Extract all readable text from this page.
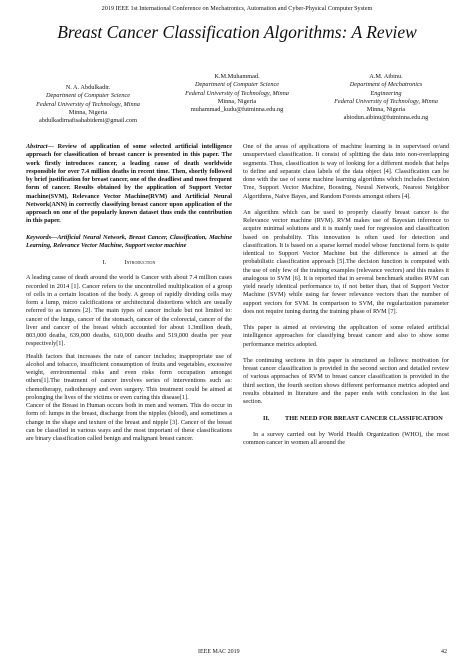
2019 IEEE 1st International Conference on Mechatronics, Automation and Cyber-Physical Computer System
Breast Cancer Classification Algorithms: A Review
N. A. Abdulkadir.
Department of Computer Science
Federal University of Technology, Minna
Minna, Nigeria
abdulkadirnafisahabidemi@gmail.com
K.M.Muhammad.
Department of Computer Science
Federal University of Technology, Minna
Minna, Nigeria
muhammad_kudu@futminna.edu.ng
A.M. Aibinu.
Department of Mechatronics
Engineering
Federal University of Technology, Minna
Minna, Nigeria
abiodun.aibinu@futminna.edu.ng

Abstract— Review of application of some selected artificial intelligence approach for classification of breast cancer is presented in this paper. The work firstly introduces cancer, a leading cause of death worldwide responsible for over 7.4 million deaths in recent time. Then, shortly followed by brief justification for breast cancer, one of the deadliest and most frequent form of cancer. Results obtained by the application of Support Vector machine(SVM), Relevance Vector Machine(RVM) and Artificial Neural Network(ANN) in correctly classifying breast cancer upon application of the approach on one of the popularly known dataset thus ends the contribution in this paper.

Keywords—Artificial Neural Network, Breast Cancer, Classification, Machine Learning, Relevance Vector Machine, Support vector machine

I.	Introduction

A leading cause of death around the world is Cancer with about 7.4 million cases recorded in 2014 [1]. Cancer refers to the uncontrolled multiplication of a group of cells in a certain location of the body. A group of rapidly dividing cells may form a lump, micro calcifications or architectural distortions which are usually referred to as tumors [2]. The main types of cancer include but not limited to: cancer of the lungs, cancer of the stomach, cancer of the colorectal, cancer of the liver and cancer of the breast which accounted for about 1.3million death, 803,000 deaths, 639,000 deaths, 610,000 deaths and 519,000 deaths per year respectively[1].

Health factors that increases the rate of cancer includes; inappropriate use of alcohol and tobacco, insufficient consumption of fruits and vegetables, excessive weight, environmental risks and even risks form occupation amongst others[1].The treatment of cancer involves series of interventions such as: chemotherapy, radiotherapy and even surgery. This treatment could be aimed at prolonging the lives of the victims or even curing this disease[1].

Cancer of the Breast in Human occurs both in men and women. This do occur in form of: lumps in the breast, discharge from the nipples (blood), and sometimes a change in the shape and texture of the breast and nipple [3]. Cancer of the breast can be classified in various ways and the most important of these classifications are binary classification called benign and malignant breast cancer.

One of the areas of applications of machine learning is in supervised or/and unsupervised classification. It consist of splitting the data into non-overlapping segments. Thus, classification is way of looking for a different models that helps to define and separate class labels of the data object [4]. Classification can be done with the use of some machine learning algorithms which includes Decision Tree, Support Vector Machine, Boosting, Neural Network, Nearest Neighbor Algorithms, Naïve Bayes, and Random Forests amongst others [4].

An algorithm which can be used to properly classify breast cancer is the Relevance vector machine (RVM). RVM makes use of Bayesian inference to acquire minimal solutions and it is mainly used for regression and classification based on probability. This innovation is often used for detection and classification. It is based on a sparse kernel model whose functional form is quite identical to Support Vector Machine but the difference is aimed at the probabilistic classification approach [5].The decision function is computed with the use of only few of the training examples (relevance vectors) and this makes it analogous to SVM [6]. It is reported that in several benchmark studies RVM can yield nearly identical performance to, if not better than, that of Support Vector Machine (SVM) while using far fewer relevance vectors than the number of support vectors for SVM. In comparison to SVM, the regularization parameter does not require tuning during the training phase of RVM [7].

This paper is aimed at reviewing the application of some related artificial intelligence approaches for classifying breast cancer and also to show some performance metrics adopted.

The continuing sections in this paper is structured as follows: motivation for breast cancer classification is provided in the second section and detailed review of various approaches of RVM to breast cancer classification is provided in the third section, the fourth section shows different performance metrics adopted and results obtained in literature and the paper ends with conclusion in the last section.

II. THE NEED FOR BREAST CANCER CLASSIFICATION

In a survey carried out by World Health Organization (WHO), the most common cancer in women all around the

IEEE MAC 2019	42
